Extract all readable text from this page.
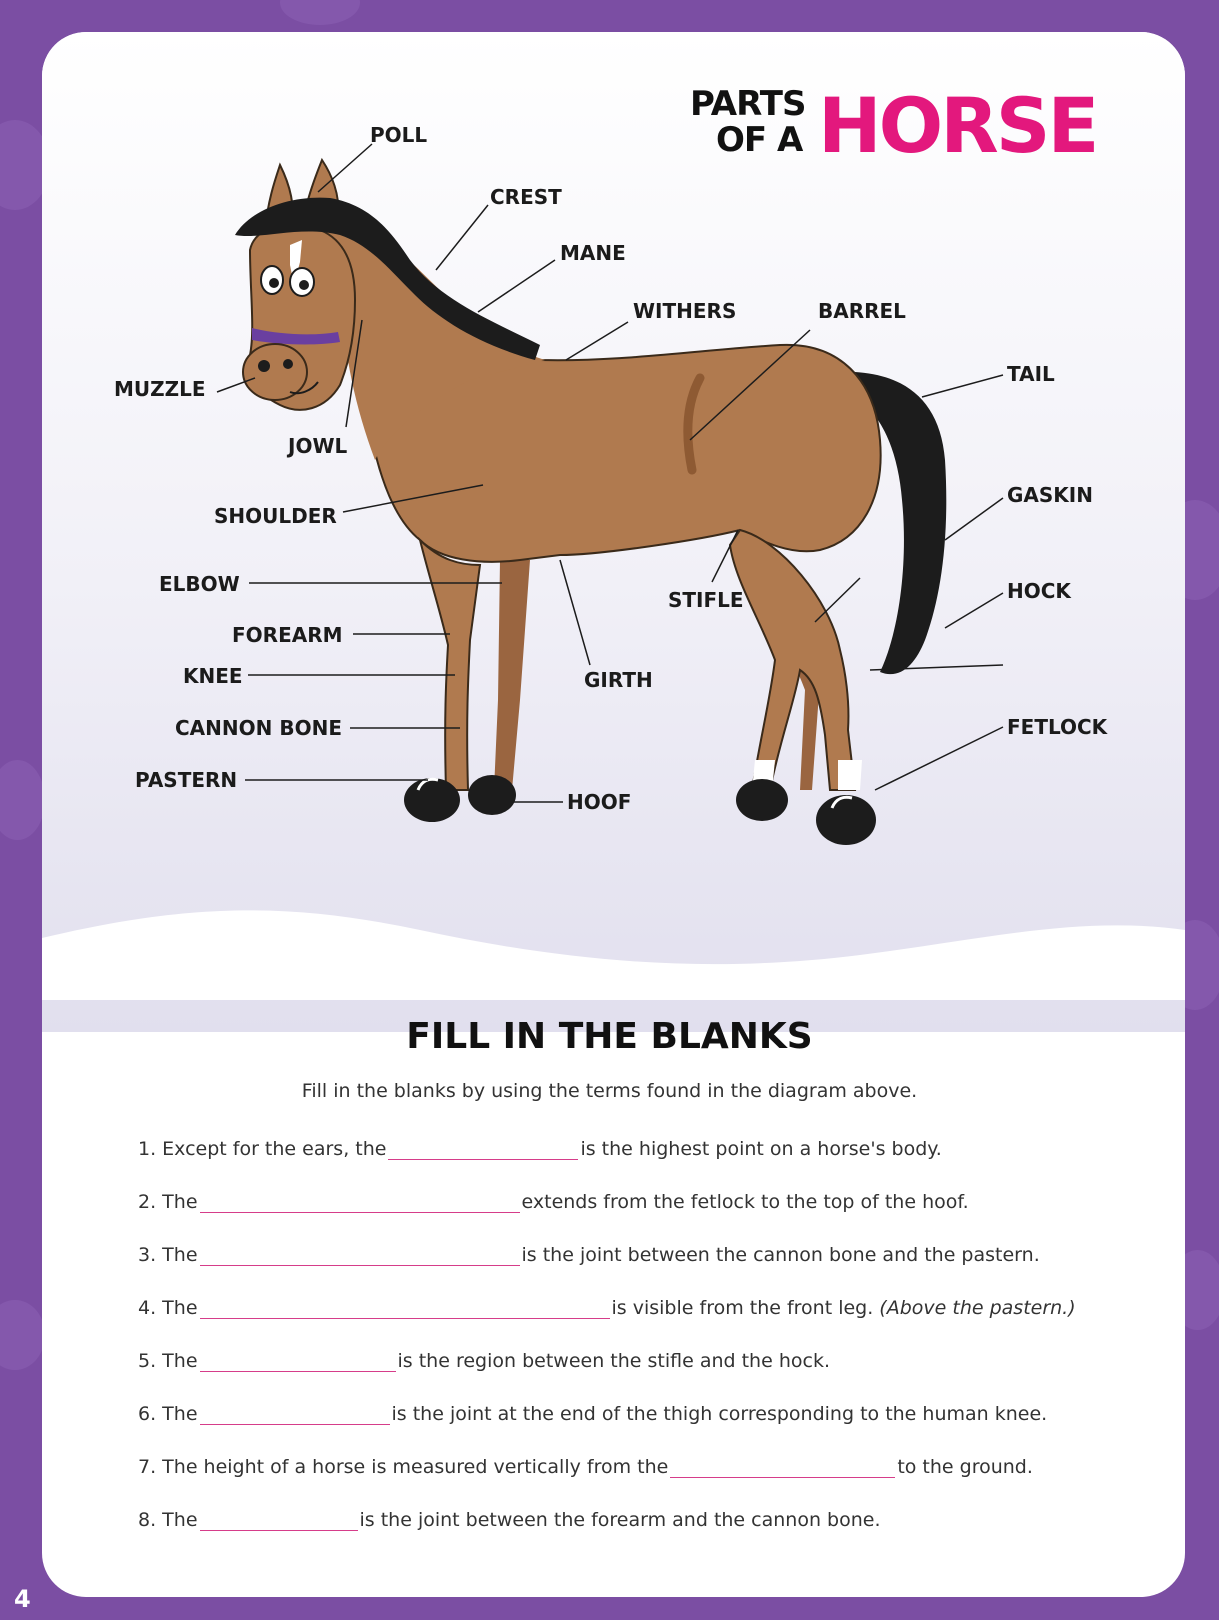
4
PARTS
OF A HORSE
POLL
CREST
MANE
WITHERS	BARREL
TAIL
MUZZLE
JOWL
SHOULDER
GASKIN
ELBOW
STIFLE	HOCK
FOREARM
KNEE	GIRTH
CANNON BONE	FETLOCK
PASTERN
HOOF
FILL IN THE BLANKS
Fill in the blanks by using the terms found in the diagram above.
1. Except for the ears, the	is the highest point on a horse's body.
2. The	extends from the fetlock to the top of the hoof.
3. The	is the joint between the cannon bone and the pastern.
4. The	is visible from the front leg. (Above the pastern.)
5. The	is the region between the stifle and the hock.
6. The	is the joint at the end of the thigh corresponding to the human knee.
7. The height of a horse is measured vertically from the	to the ground.
8. The	is the joint between the forearm and the cannon bone.
